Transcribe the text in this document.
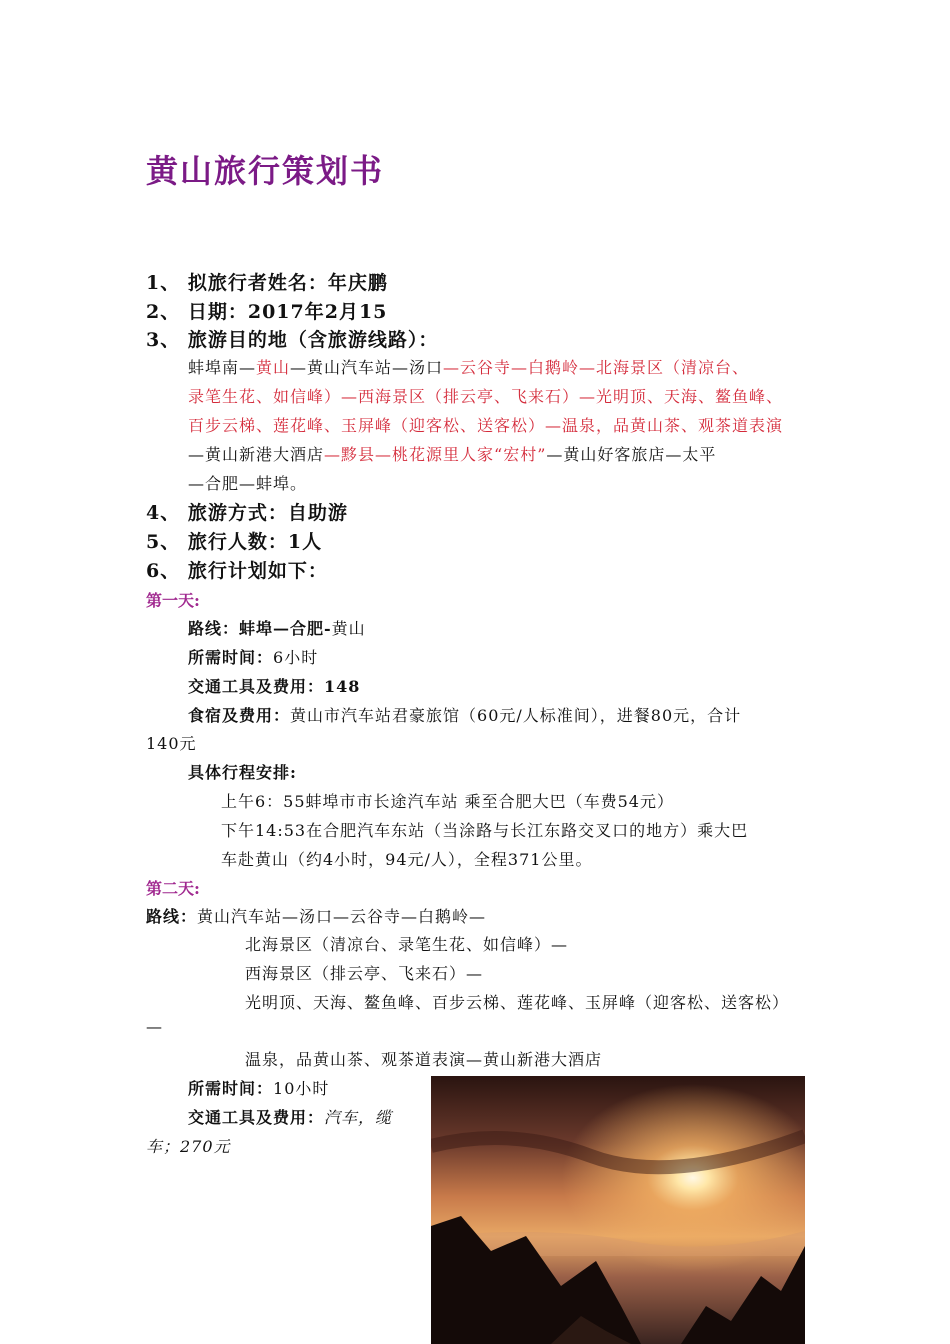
黄山旅行策划书
1、 拟旅行者姓名：年庆鹏
2、 日期：2017年2月15
3、 旅游目的地（含旅游线路）：
蚌埠南—黄山—黄山汽车站—汤口—云谷寺—白鹅岭—北海景区（清凉台、
录笔生花、如信峰）—西海景区（排云亭、飞来石）—光明顶、天海、鳌鱼峰、
百步云梯、莲花峰、玉屏峰（迎客松、送客松）—温泉，品黄山茶、观茶道表演
—黄山新港大酒店—黟县—桃花源里人家“宏村”—黄山好客旅店—太平
—合肥—蚌埠。
4、 旅游方式：自助游
5、 旅行人数：1人
6、 旅行计划如下：
第一天:
路线：蚌埠—合肥-黄山
所需时间：6小时
交通工具及费用：148
食宿及费用：黄山市汽车站君豪旅馆（60元/人标准间），进餐80元，合计
140元
具体行程安排:
上午6：55蚌埠市市长途汽车站 乘至合肥大巴（车费54元）
下午14:53在合肥汽车东站（当涂路与长江东路交叉口的地方）乘大巴
车赴黄山（约4小时，94元/人），全程371公里。
第二天:
路线：黄山汽车站—汤口—云谷寺—白鹅岭—
北海景区（清凉台、录笔生花、如信峰）—
西海景区（排云亭、飞来石）—
光明顶、天海、鳌鱼峰、百步云梯、莲花峰、玉屏峰（迎客松、送客松）
—
温泉，品黄山茶、观茶道表演—黄山新港大酒店
所需时间：10小时
交通工具及费用：汽车，缆
车；270元
